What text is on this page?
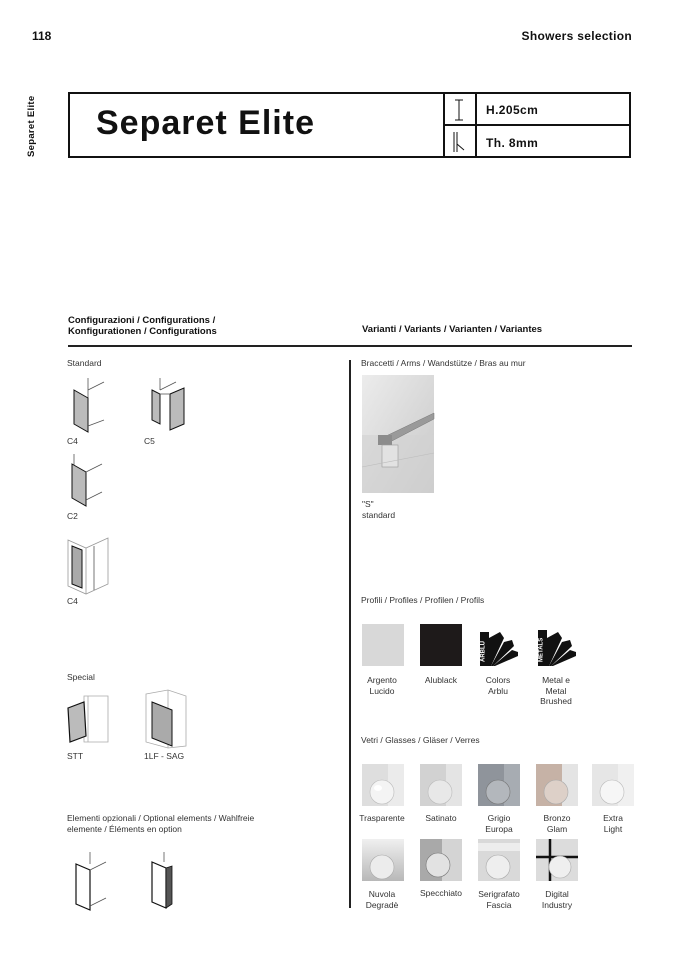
118	Showers selection
Separet Elite Separet Elite	H.205cm
Th. 8mm
Configurazioni / Configurations /
Konfigurationen / Configurations	Varianti / Variants / Varianten / Variantes
Standard
C4	C5
C2
C4
Special
STT	1LF - SAG
Elementi opzionali / Optional elements / Wahlfreie
elemente / Éléments en option
Braccetti / Arms / Wandstütze / Bras au mur
"S"
standard
Profili / Profiles / Profilen / Profils
ARBLU	METALS
Argento
Lucido
Alublack	Colors
Arblu
Metal e
Metal
Brushed
Vetri / Glasses / Gläser / Verres
Trasparente	Satinato	Grigio
Europa
Bronzo
Glam
Extra
Light
Nuvola
Degradè
Specchiato	Serigrafato
Fascia
Digital
Industry
